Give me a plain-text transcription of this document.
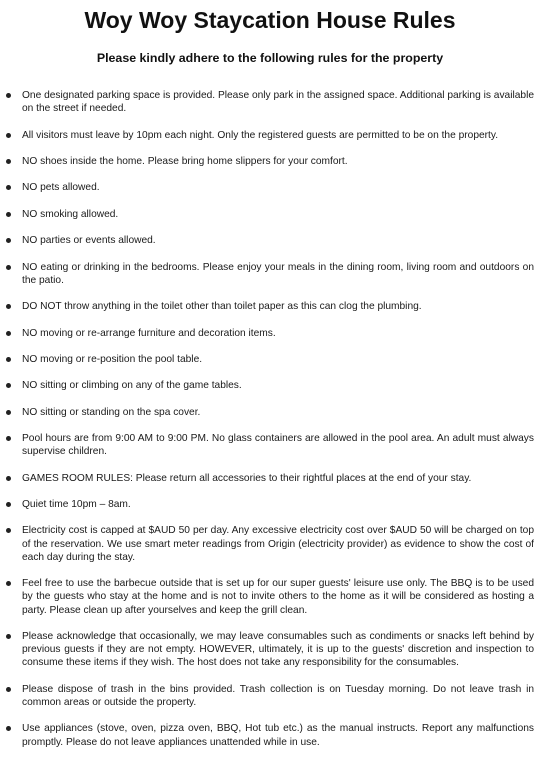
Woy Woy Staycation House Rules

Please kindly adhere to the following rules for the property

One designated parking space is provided. Please only park in the assigned space. Additional parking is available on the street if needed.
All visitors must leave by 10pm each night. Only the registered guests are permitted to be on the property.
NO shoes inside the home. Please bring home slippers for your comfort.
NO pets allowed.
NO smoking allowed.
NO parties or events allowed.
NO eating or drinking in the bedrooms. Please enjoy your meals in the dining room, living room and outdoors on the patio.
DO NOT throw anything in the toilet other than toilet paper as this can clog the plumbing.
NO moving or re-arrange furniture and decoration items.
NO moving or re-position the pool table.
NO sitting or climbing on any of the game tables.
NO sitting or standing on the spa cover.
Pool hours are from 9:00 AM to 9:00 PM. No glass containers are allowed in the pool area. An adult must always supervise children.
GAMES ROOM RULES: Please return all accessories to their rightful places at the end of your stay.
Quiet time 10pm – 8am.
Electricity cost is capped at $AUD 50 per day. Any excessive electricity cost over $AUD 50 will be charged on top of the reservation. We use smart meter readings from Origin (electricity provider) as evidence to show the cost of each day during the stay.
Feel free to use the barbecue outside that is set up for our super guests' leisure use only. The BBQ is to be used by the guests who stay at the home and is not to invite others to the home as it will be considered as hosting a party. Please clean up after yourselves and keep the grill clean.
Please acknowledge that occasionally, we may leave consumables such as condiments or snacks left behind by previous guests if they are not empty. HOWEVER, ultimately, it is up to the guests' discretion and inspection to consume these items if they wish. The host does not take any responsibility for the consumables.
Please dispose of trash in the bins provided. Trash collection is on Tuesday morning. Do not leave trash in common areas or outside the property.
Use appliances (stove, oven, pizza oven, BBQ, Hot tub etc.) as the manual instructs. Report any malfunctions promptly. Please do not leave appliances unattended while in use.
